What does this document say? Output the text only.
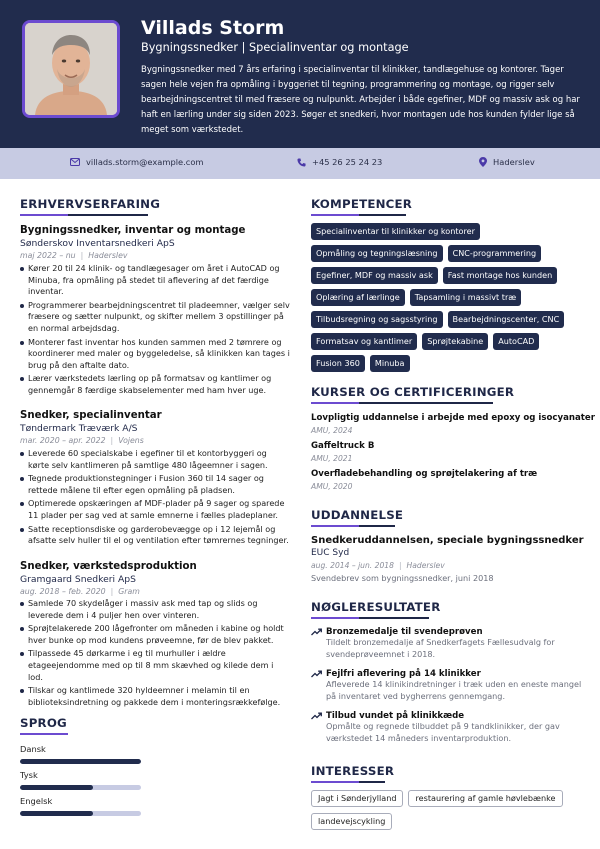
Villads Storm
Bygningssnedker | Specialinventar og montage
Bygningssnedker med 7 års erfaring i specialinventar til klinikker, tandlægehuse og kontorer. Tager sagen hele vejen fra opmåling i byggeriet til tegning, programmering og montage, og rigger selv bearbejdningscentret til med fræsere og nulpunkt. Arbejder i både egefiner, MDF og massiv ask og har haft en lærling under sig siden 2023. Søger et snedkeri, hvor montagen ude hos kunden fylder lige så meget som værkstedet.
villads.storm@example.com	+45 26 25 24 23	Haderslev
ERHVERVSERFARING
Bygningssnedker, inventar og montage
Sønderskov Inventarsnedkeri ApS
maj 2022 – nu | Haderslev
Kører 20 til 24 klinik- og tandlægesager om året i AutoCAD og Minuba, fra opmåling på stedet til aflevering af det færdige inventar.
Programmerer bearbejdningscentret til pladeemner, vælger selv fræsere og sætter nulpunkt, og skifter mellem 3 opstillinger på en normal arbejdsdag.
Monterer fast inventar hos kunden sammen med 2 tømrere og koordinerer med maler og byggeledelse, så klinikken kan tages i brug på den aftalte dato.
Lærer værkstedets lærling op på formatsav og kantlimer og gennemgår 8 færdige skabselementer med ham hver uge.
Snedker, specialinventar
Tøndermark Træværk A/S
mar. 2020 – apr. 2022 | Vojens
Leverede 60 specialskabe i egefiner til et kontorbyggeri og kørte selv kantlimeren på samtlige 480 lågeemner i sagen.
Tegnede produktionstegninger i Fusion 360 til 14 sager og rettede målene til efter egen opmåling på pladsen.
Optimerede opskæringen af MDF-plader på 9 sager og sparede 11 plader per sag ved at samle emnerne i fælles pladeplaner.
Satte receptionsdiske og garderobevægge op i 12 lejemål og afsatte selv huller til el og ventilation efter tømrernes tegninger.
Snedker, værkstedsproduktion
Gramgaard Snedkeri ApS
aug. 2018 – feb. 2020 | Gram
Samlede 70 skydelåger i massiv ask med tap og slids og leverede dem i 4 puljer hen over vinteren.
Sprøjtelakerede 200 lågefronter om måneden i kabine og holdt hver bunke op mod kundens prøveemne, før de blev pakket.
Tilpassede 45 dørkarme i eg til murhuller i ældre etageejendomme med op til 8 mm skævhed og kilede dem i lod.
Tilskar og kantlimede 320 hyldeemner i melamin til en biblioteksindretning og pakkede dem i monteringsrækkefølge.
SPROG
Dansk
Tysk
Engelsk
KOMPETENCER
Specialinventar til klinikker og kontorer
Opmåling og tegningslæsning	CNC-programmering
Egefiner, MDF og massiv ask	Fast montage hos kunden
Oplæring af lærlinge	Tapsamling i massivt træ
Tilbudsregning og sagsstyring	Bearbejdningscenter, CNC
Formatsav og kantlimer	Sprøjtekabine	AutoCAD
Fusion 360	Minuba
KURSER OG CERTIFICERINGER
Lovpligtig uddannelse i arbejde med epoxy og isocyanater
AMU, 2024
Gaffeltruck B
AMU, 2021
Overfladebehandling og sprøjtelakering af træ
AMU, 2020
UDDANNELSE
Snedkeruddannelsen, speciale bygningssnedker
EUC Syd
aug. 2014 – jun. 2018 | Haderslev
Svendebrev som bygningssnedker, juni 2018
NØGLERESULTATER
Bronzemedalje til svendeprøven
Tildelt bronzemedalje af Snedkerfagets Fællesudvalg for svendeprøveemnet i 2018.
Fejlfri aflevering på 14 klinikker
Afleverede 14 klinikindretninger i træk uden en eneste mangel på inventaret ved bygherrens gennemgang.
Tilbud vundet på klinikkæde
Opmålte og regnede tilbuddet på 9 tandklinikker, der gav værkstedet 14 måneders inventarproduktion.
INTERESSER
Jagt i Sønderjylland	restaurering af gamle høvlebænke
landevejscykling
